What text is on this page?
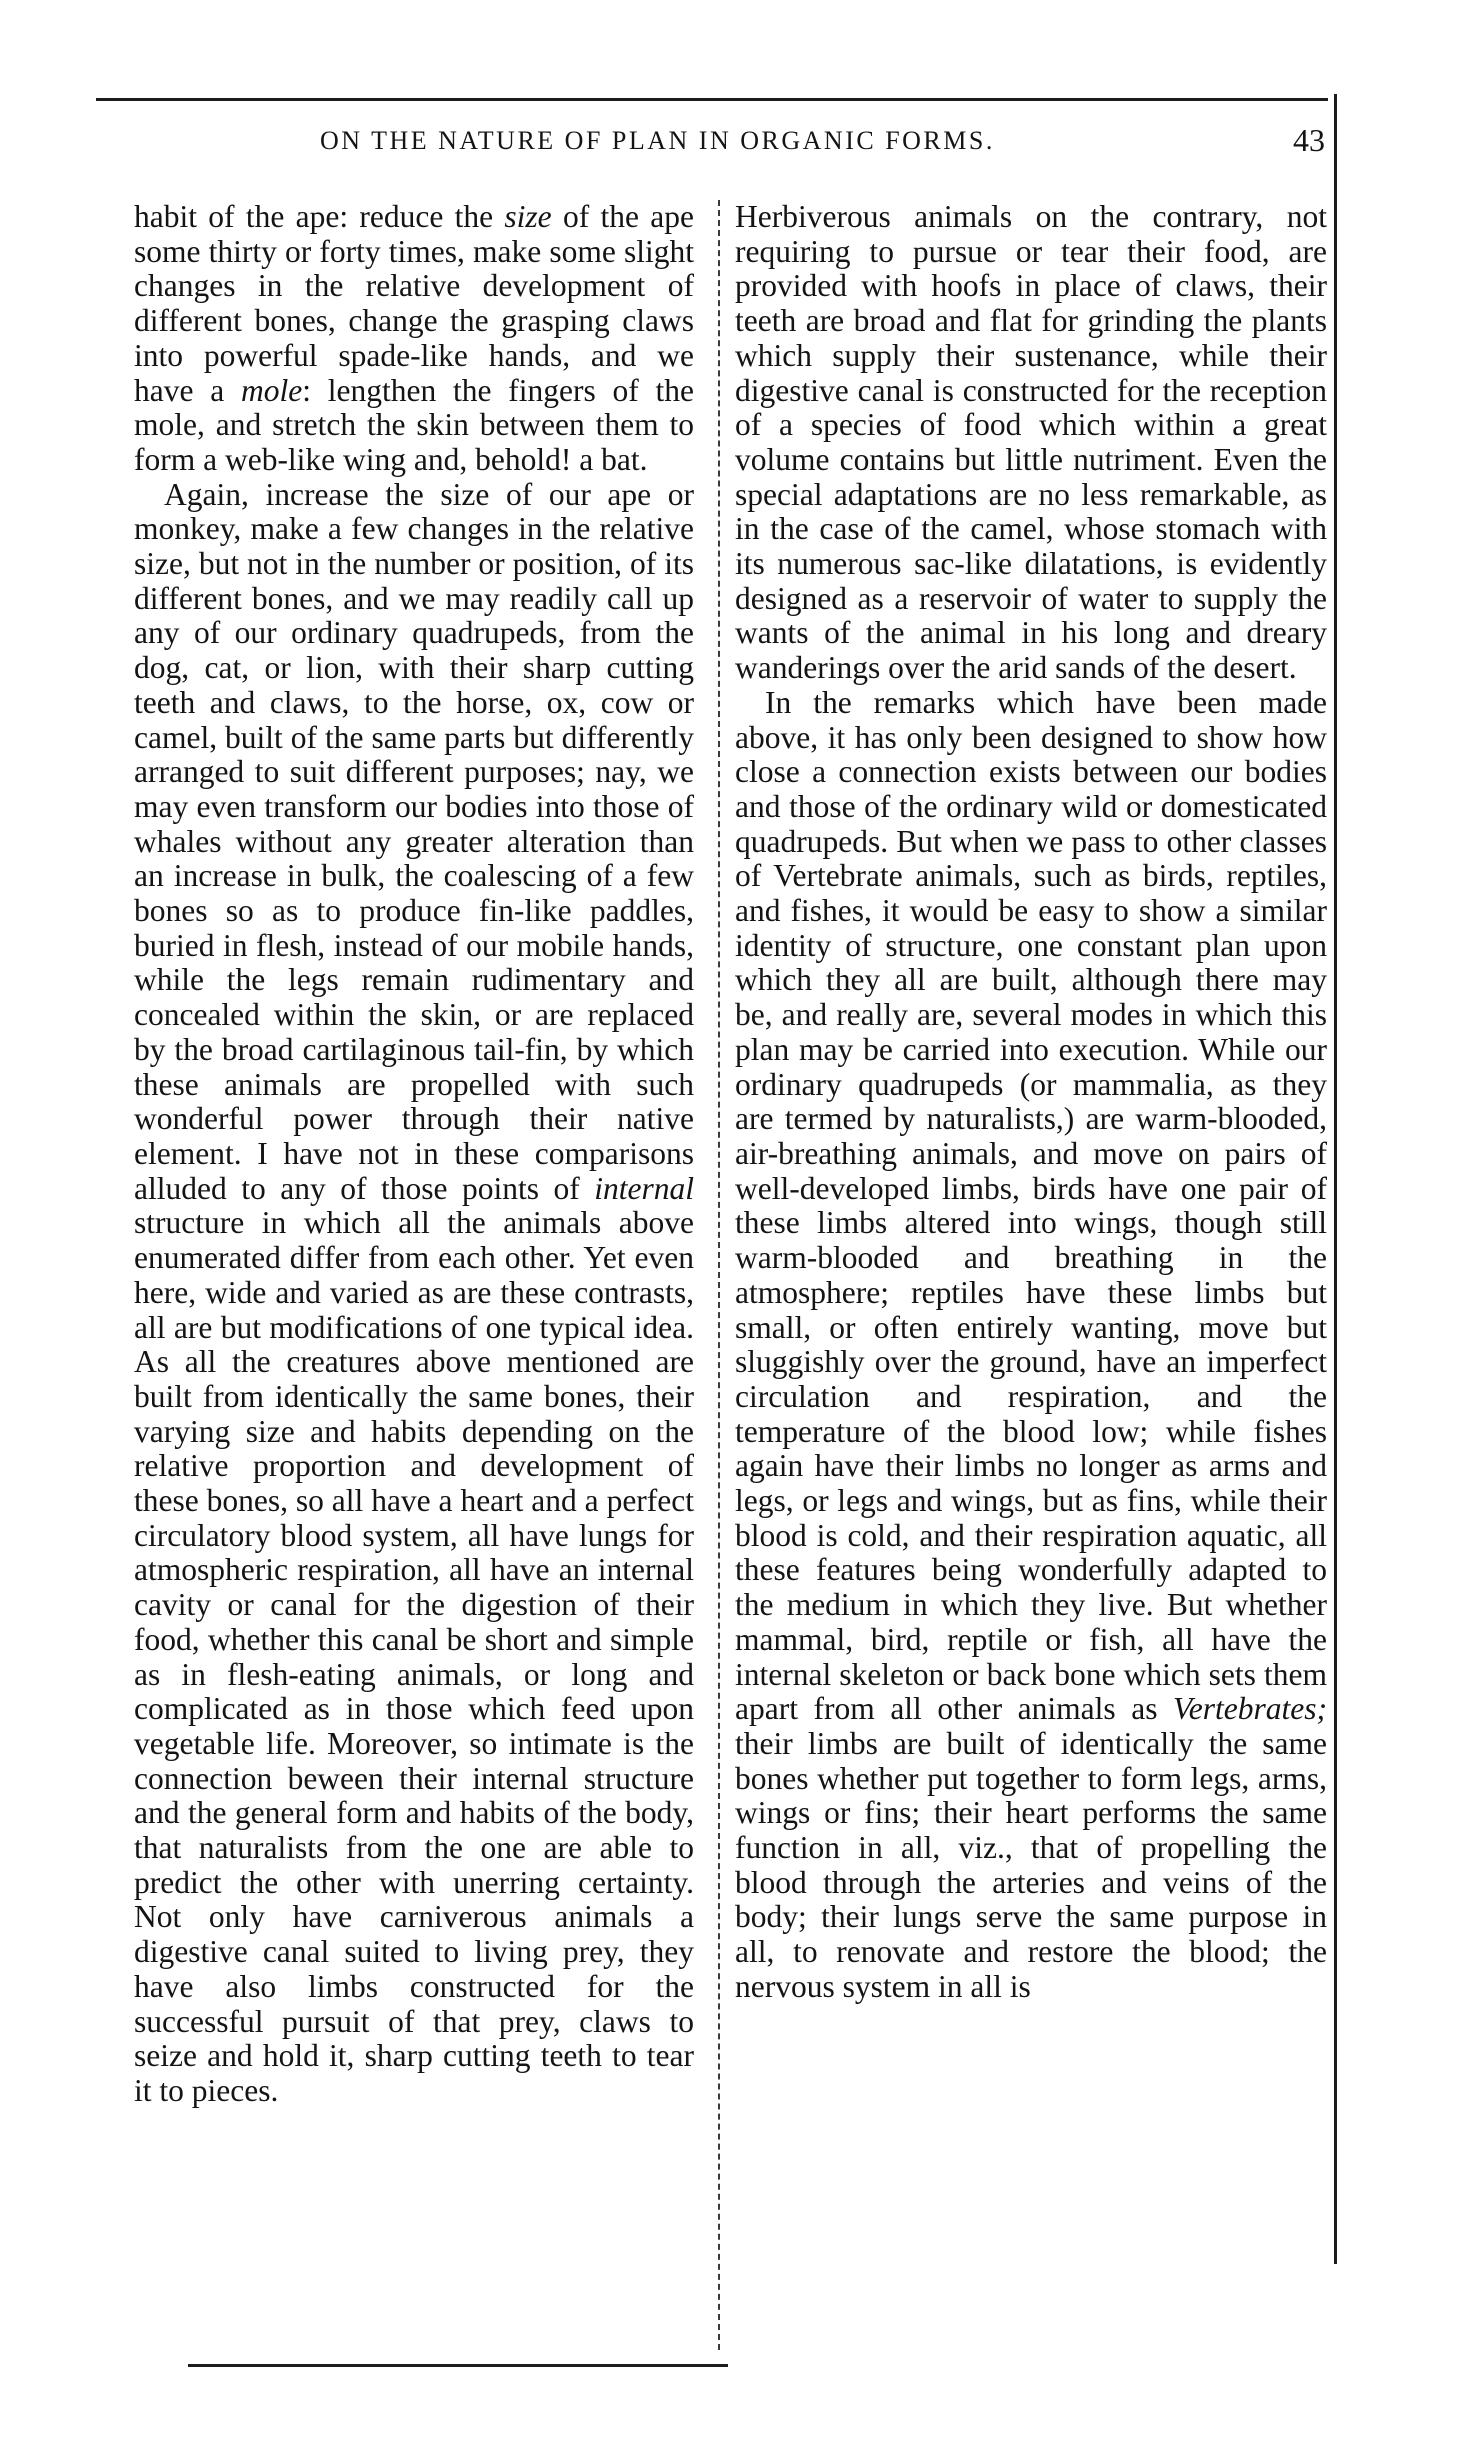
ON THE NATURE OF PLAN IN ORGANIC FORMS.	43

habit of the ape: reduce the size of the ape some thirty or forty times, make some slight changes in the relative development of different bones, change the grasping claws into powerful spade-like hands, and we have a mole: lengthen the fingers of the mole, and stretch the skin between them to form a web-like wing and, behold! a bat.

Again, increase the size of our ape or monkey, make a few changes in the relative size, but not in the number or position, of its different bones, and we may readily call up any of our ordinary quadrupeds, from the dog, cat, or lion, with their sharp cutting teeth and claws, to the horse, ox, cow or camel, built of the same parts but differently arranged to suit different purposes; nay, we may even transform our bodies into those of whales without any greater alteration than an increase in bulk, the coalescing of a few bones so as to produce fin-like paddles, buried in flesh, instead of our mobile hands, while the legs remain rudimentary and concealed within the skin, or are replaced by the broad cartilaginous tail-fin, by which these animals are propelled with such wonderful power through their native element. I have not in these comparisons alluded to any of those points of internal structure in which all the animals above enumerated differ from each other. Yet even here, wide and varied as are these contrasts, all are but modifications of one typical idea. As all the creatures above mentioned are built from identically the same bones, their varying size and habits depending on the relative proportion and development of these bones, so all have a heart and a perfect circulatory blood system, all have lungs for atmospheric respiration, all have an internal cavity or canal for the digestion of their food, whether this canal be short and simple as in flesh-eating animals, or long and complicated as in those which feed upon vegetable life. Moreover, so intimate is the connection beween their internal structure and the general form and habits of the body, that naturalists from the one are able to predict the other with unerring certainty. Not only have carniverous animals a digestive canal suited to living prey, they have also limbs constructed for the successful pursuit of that prey, claws to seize and hold it, sharp cutting teeth to tear it to pieces.

Herbiverous animals on the contrary, not requiring to pursue or tear their food, are provided with hoofs in place of claws, their teeth are broad and flat for grinding the plants which supply their sustenance, while their digestive canal is constructed for the reception of a species of food which within a great volume contains but little nutriment. Even the special adaptations are no less remarkable, as in the case of the camel, whose stomach with its numerous sac-like dilatations, is evidently designed as a reservoir of water to supply the wants of the animal in his long and dreary wanderings over the arid sands of the desert.

In the remarks which have been made above, it has only been designed to show how close a connection exists between our bodies and those of the ordinary wild or domesticated quadrupeds. But when we pass to other classes of Vertebrate animals, such as birds, reptiles, and fishes, it would be easy to show a similar identity of structure, one constant plan upon which they all are built, although there may be, and really are, several modes in which this plan may be carried into execution. While our ordinary quadrupeds (or mammalia, as they are termed by naturalists,) are warm-blooded, air-breathing animals, and move on pairs of well-developed limbs, birds have one pair of these limbs altered into wings, though still warm-blooded and breathing in the atmosphere; reptiles have these limbs but small, or often entirely wanting, move but sluggishly over the ground, have an imperfect circulation and respiration, and the temperature of the blood low; while fishes again have their limbs no longer as arms and legs, or legs and wings, but as fins, while their blood is cold, and their respiration aquatic, all these features being wonderfully adapted to the medium in which they live. But whether mammal, bird, reptile or fish, all have the internal skeleton or back bone which sets them apart from all other animals as Vertebrates; their limbs are built of identically the same bones whether put together to form legs, arms, wings or fins; their heart performs the same function in all, viz., that of propelling the blood through the arteries and veins of the body; their lungs serve the same purpose in all, to renovate and restore the blood; the nervous system in all is
